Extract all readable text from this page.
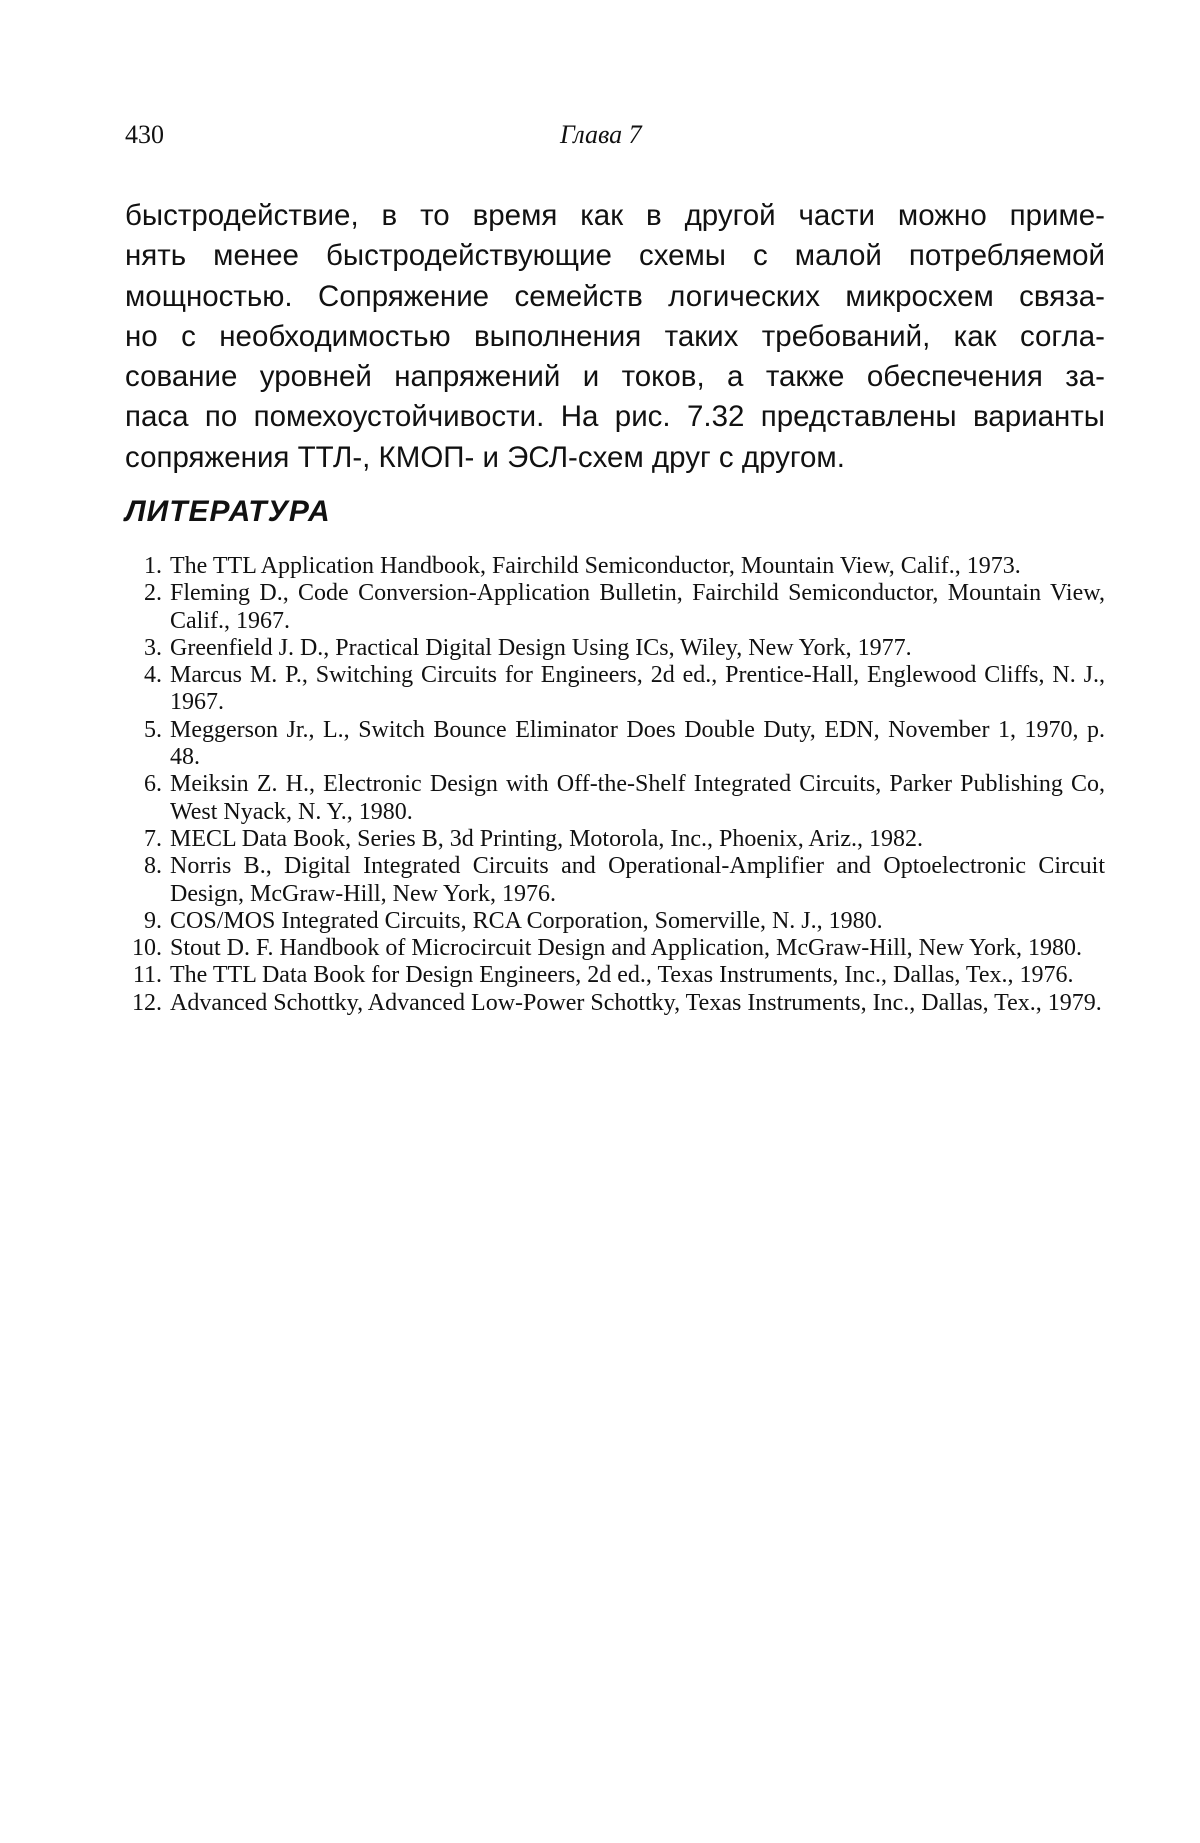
430	Глава 7

быстродействие, в то время как в другой части можно приме-
нять менее быстродействующие схемы с малой потребляемой
мощностью. Сопряжение семейств логических микросхем связа-
но с необходимостью выполнения таких требований, как согла-
сование уровней напряжений и токов, а также обеспечения за-
паса по помехоустойчивости. На рис. 7.32 представлены варианты
сопряжения ТТЛ-, КМОП- и ЭСЛ-схем друг с другом.

ЛИТЕРАТУРА
1. The TTL Application Handbook, Fairchild Semiconductor, Mountain View, Calif., 1973.
2. Fleming D., Code Conversion-Application Bulletin, Fairchild Semiconductor, Mountain View, Calif., 1967.
3. Greenfield J. D., Practical Digital Design Using ICs, Wiley, New York, 1977.
4. Marcus M. P., Switching Circuits for Engineers, 2d ed., Prentice-Hall, Englewood Cliffs, N. J., 1967.
5. Meggerson Jr., L., Switch Bounce Eliminator Does Double Duty, EDN, November 1, 1970, p. 48.
6. Meiksin Z. H., Electronic Design with Off-the-Shelf Integrated Circuits, Parker Publishing Co, West Nyack, N. Y., 1980.
7. MECL Data Book, Series B, 3d Printing, Motorola, Inc., Phoenix, Ariz., 1982.
8. Norris B., Digital Integrated Circuits and Operational-Amplifier and Optoelectronic Circuit Design, McGraw-Hill, New York, 1976.
9. COS/MOS Integrated Circuits, RCA Corporation, Somerville, N. J., 1980.
10. Stout D. F. Handbook of Microcircuit Design and Application, McGraw-Hill, New York, 1980.
11. The TTL Data Book for Design Engineers, 2d ed., Texas Instruments, Inc., Dallas, Tex., 1976.
12. Advanced Schottky, Advanced Low-Power Schottky, Texas Instruments, Inc., Dallas, Tex., 1979.
